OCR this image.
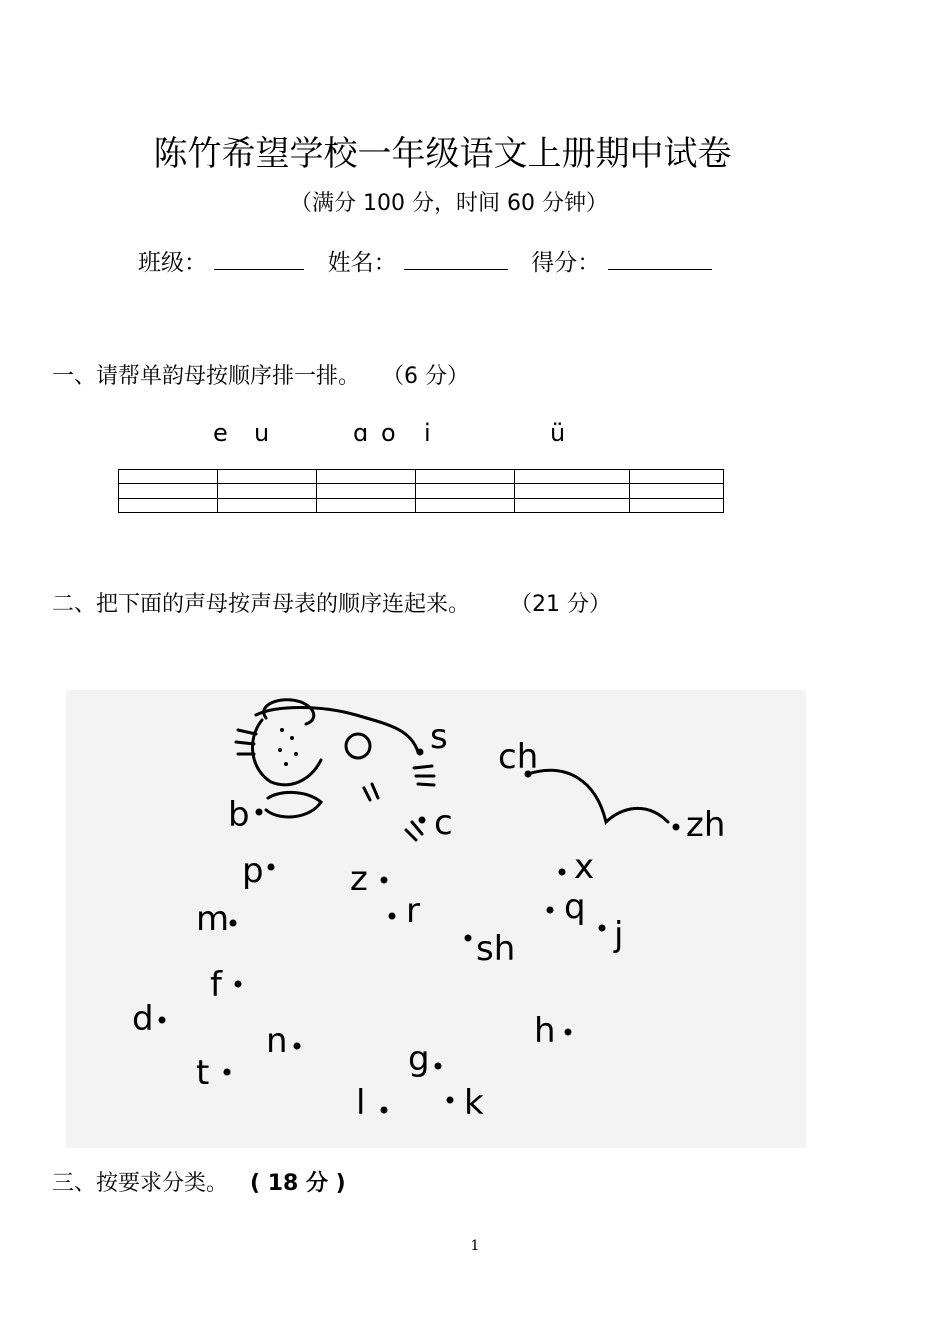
陈竹希望学校一年级语文上册期中试卷
（满分 100 分，时间 60 分钟）
班级：	姓名：	得分：
一、请帮单韵母按顺序排一排。 （6 分）
e u	ɑ o i	ü

二、把下面的声母按声母表的顺序连起来。 （21 分）
s ch
zh
b	c
p	z	x
m	r	q
j
sh
f
d	h
n
t	g
l	k
三、按要求分类。 ( 18 分 )
1
